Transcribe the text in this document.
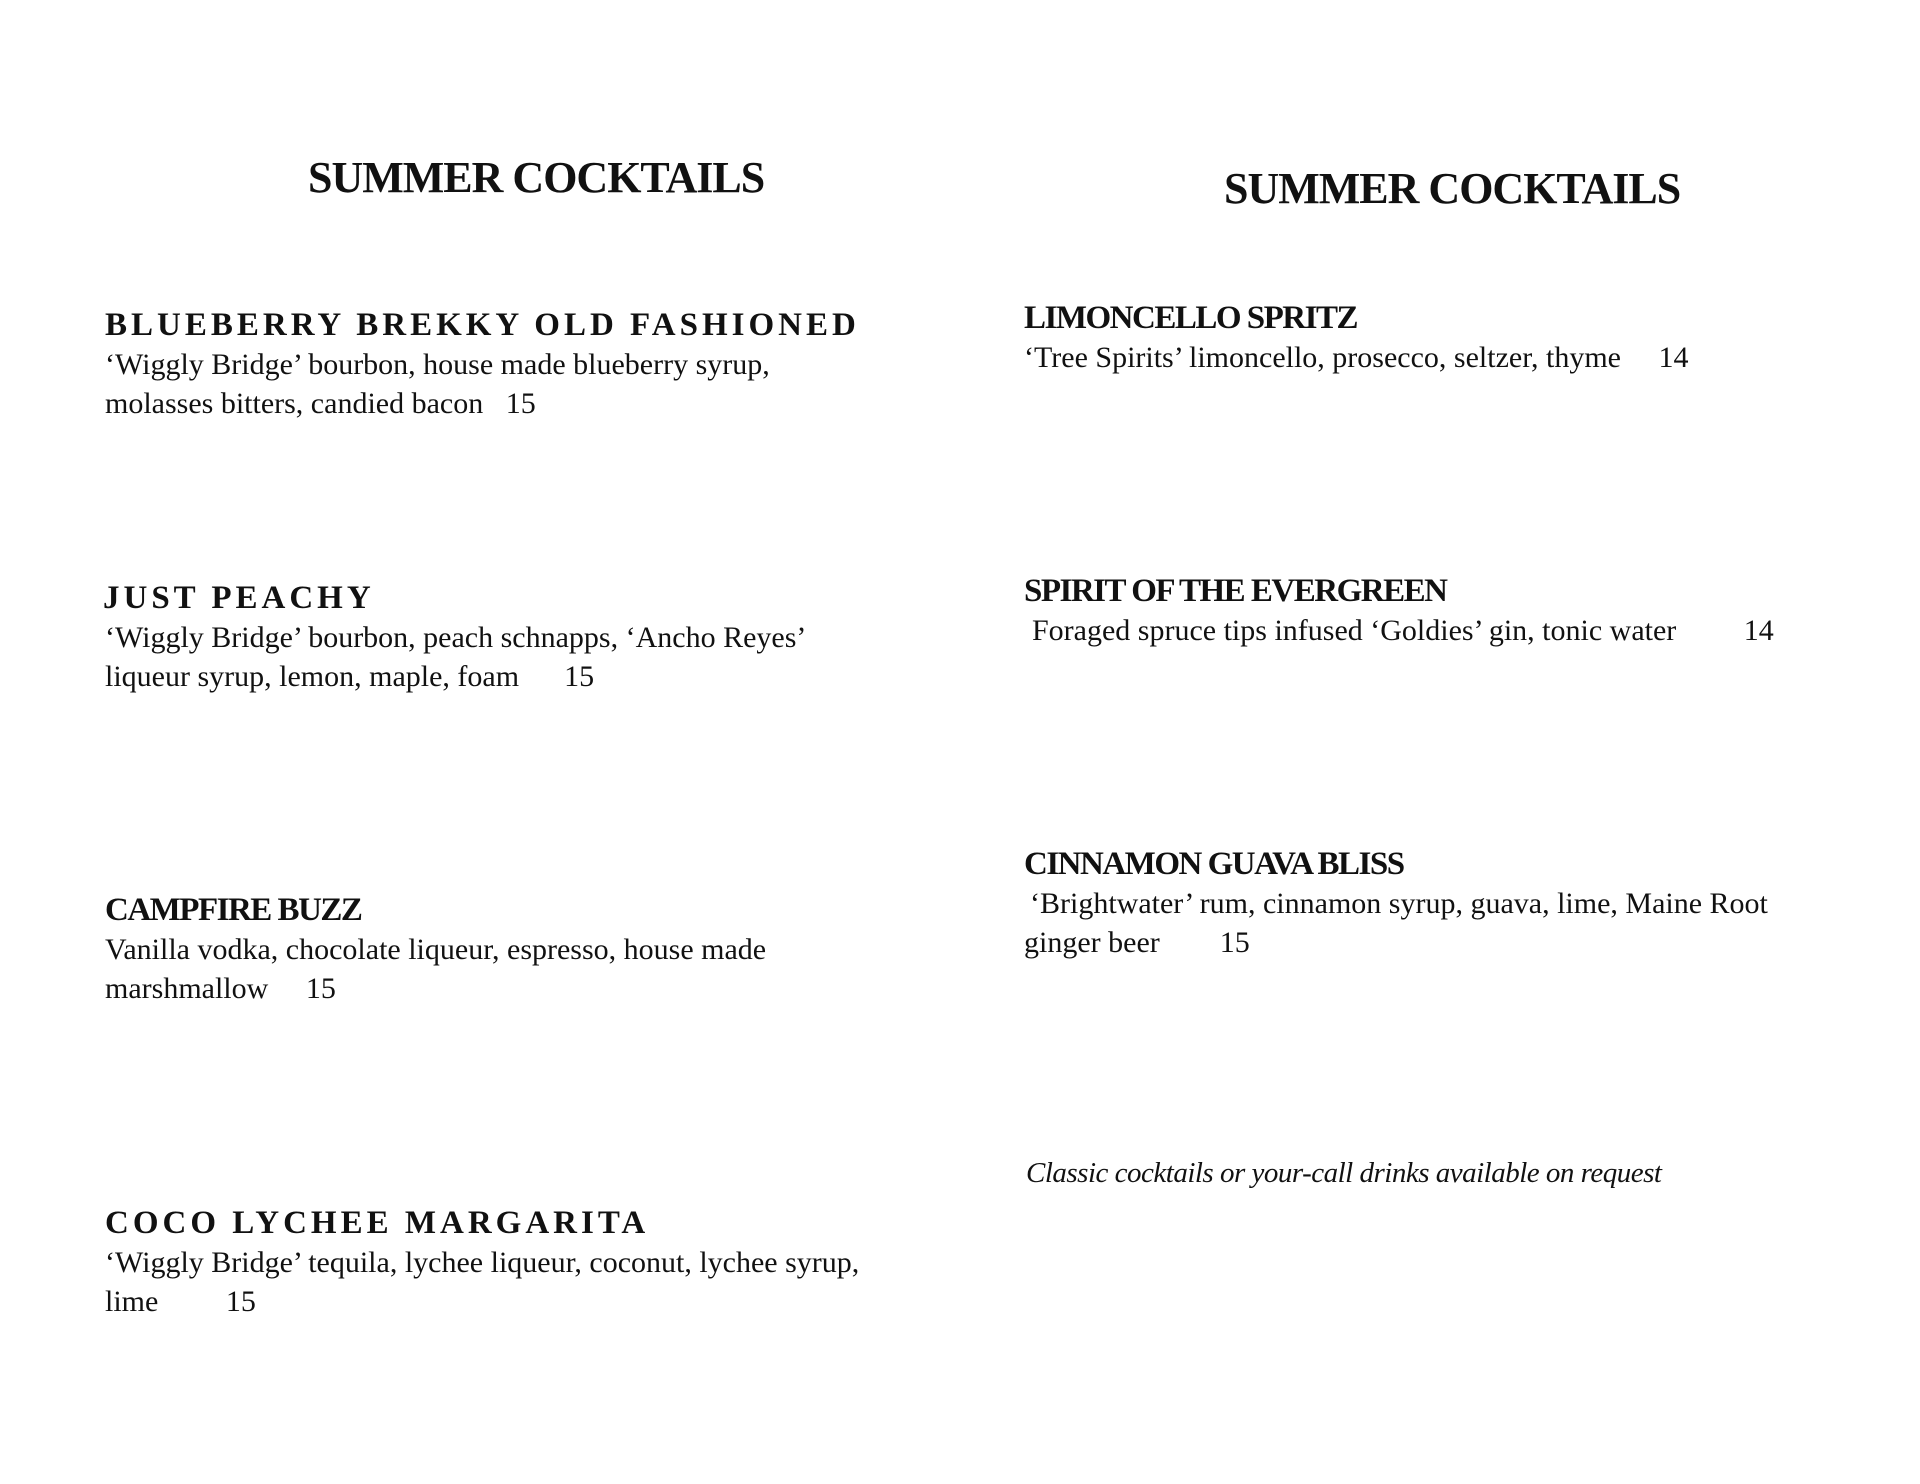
SUMMER COCKTAILS

BLUEBERRY BREKKY OLD FASHIONED

‘Wiggly Bridge’ bourbon, house made blueberry syrup,
molasses bitters, candied bacon 15

JUST PEACHY

‘Wiggly Bridge’ bourbon, peach schnapps, ‘Ancho Reyes’
liqueur syrup, lemon, maple, foam 15

CAMPFIRE BUZZ

Vanilla vodka, chocolate liqueur, espresso, house made
marshmallow 15

COCO LYCHEE MARGARITA

‘Wiggly Bridge’ tequila, lychee liqueur, coconut, lychee syrup,
lime 15

SUMMER COCKTAILS

LIMONCELLO SPRITZ

‘Tree Spirits’ limoncello, prosecco, seltzer, thyme 14

SPIRIT OF THE EVERGREEN

Foraged spruce tips infused ‘Goldies’ gin, tonic water 14

CINNAMON GUAVA BLISS

‘Brightwater’ rum, cinnamon syrup, guava, lime, Maine Root
ginger beer 15

Classic cocktails or your-call drinks available on request
